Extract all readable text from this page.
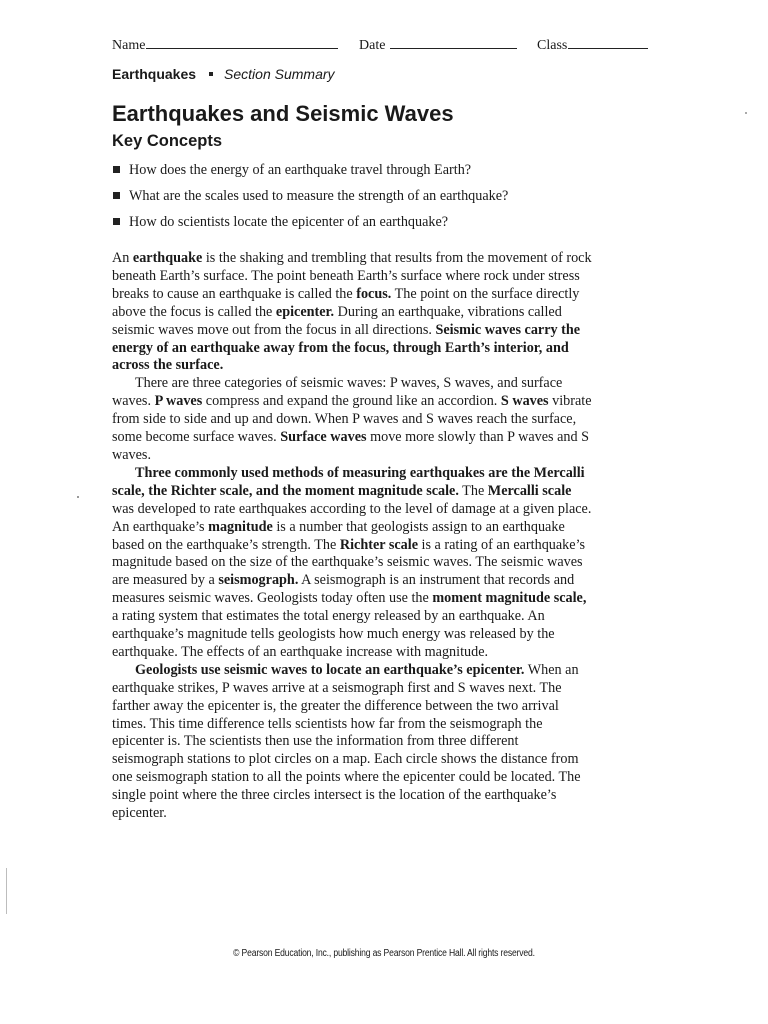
Name	Date	Class
Earthquakes Section Summary
Earthquakes and Seismic Waves
Key Concepts
How does the energy of an earthquake travel through Earth?
What are the scales used to measure the strength of an earthquake?
How do scientists locate the epicenter of an earthquake?

An earthquake is the shaking and trembling that results from the movement of rock beneath Earth’s surface. The point beneath Earth’s surface where rock under stress breaks to cause an earthquake is called the focus. The point on the surface directly above the focus is called the epicenter. During an earthquake, vibrations called seismic waves move out from the focus in all directions. Seismic waves carry the energy of an earthquake away from the focus, through Earth’s interior, and across the surface.

There are three categories of seismic waves: P waves, S waves, and surface waves. P waves compress and expand the ground like an accordion. S waves vibrate from side to side and up and down. When P waves and S waves reach the surface, some become surface waves. Surface waves move more slowly than P waves and S waves.

Three commonly used methods of measuring earthquakes are the Mercalli scale, the Richter scale, and the moment magnitude scale. The Mercalli scale was developed to rate earthquakes according to the level of damage at a given place. An earthquake’s magnitude is a number that geologists assign to an earthquake based on the earthquake’s strength. The Richter scale is a rating of an earthquake’s magnitude based on the size of the earthquake’s seismic waves. The seismic waves are measured by a seismograph. A seismograph is an instrument that records and measures seismic waves. Geologists today often use the moment magnitude scale, a rating system that estimates the total energy released by an earthquake. An earthquake’s magnitude tells geologists how much energy was released by the earthquake. The effects of an earthquake increase with magnitude.

Geologists use seismic waves to locate an earthquake’s epicenter. When an earthquake strikes, P waves arrive at a seismograph first and S waves next. The farther away the epicenter is, the greater the difference between the two arrival times. This time difference tells scientists how far from the seismograph the epicenter is. The scientists then use the information from three different seismograph stations to plot circles on a map. Each circle shows the distance from one seismograph station to all the points where the epicenter could be located. The single point where the three circles intersect is the location of the earthquake’s epicenter.

© Pearson Education, Inc., publishing as Pearson Prentice Hall. All rights reserved.
